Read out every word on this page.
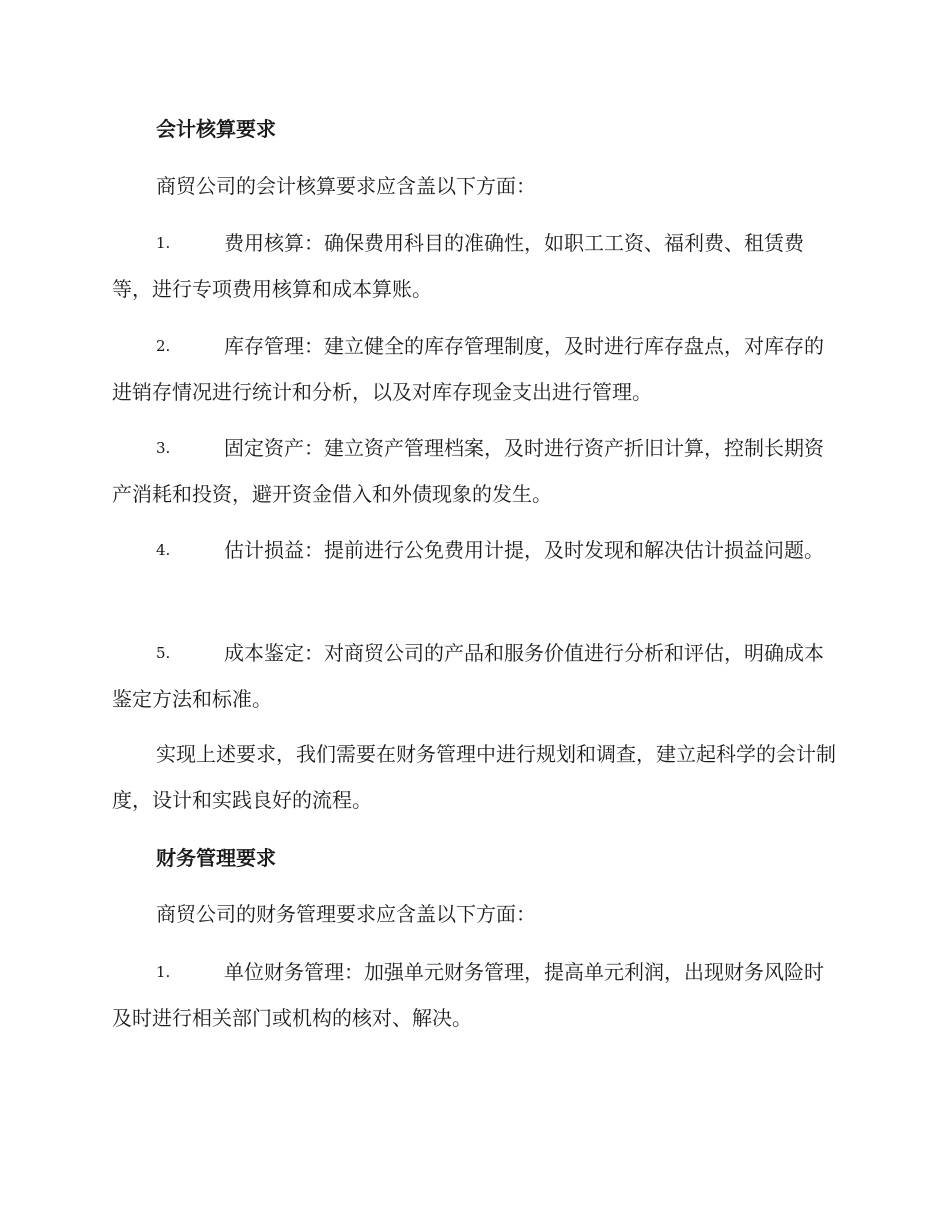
会计核算要求
商贸公司的会计核算要求应含盖以下方面：
1.	费用核算：确保费用科目的准确性，如职工工资、福利费、租赁费等，进行专项费用核算和成本算账。
2.	库存管理：建立健全的库存管理制度，及时进行库存盘点，对库存的进销存情况进行统计和分析，以及对库存现金支出进行管理。
3.	固定资产：建立资产管理档案，及时进行资产折旧计算，控制长期资产消耗和投资，避开资金借入和外债现象的发生。
4.	估计损益：提前进行公免费用计提，及时发现和解决估计损益问题。
5.	成本鉴定：对商贸公司的产品和服务价值进行分析和评估，明确成本鉴定方法和标准。
实现上述要求，我们需要在财务管理中进行规划和调查，建立起科学的会计制度，设计和实践良好的流程。
财务管理要求
商贸公司的财务管理要求应含盖以下方面：
1.	单位财务管理：加强单元财务管理，提高单元利润，出现财务风险时及时进行相关部门或机构的核对、解决。
